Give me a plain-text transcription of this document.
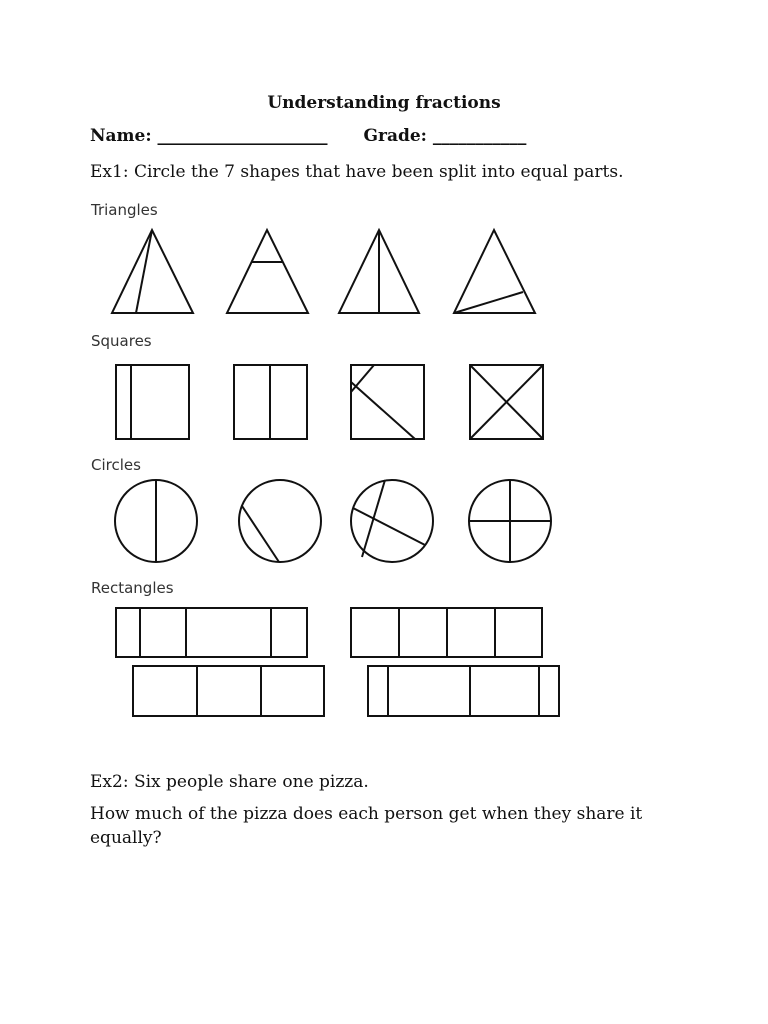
Understanding fractions
Name: ____________________ Grade: ___________

Ex1: Circle the 7 shapes that have been split into equal parts.

Triangles

Squares

Circles

Rectangles

Ex2: Six people share one pizza.

How much of the pizza does each person get when they share it equally?
